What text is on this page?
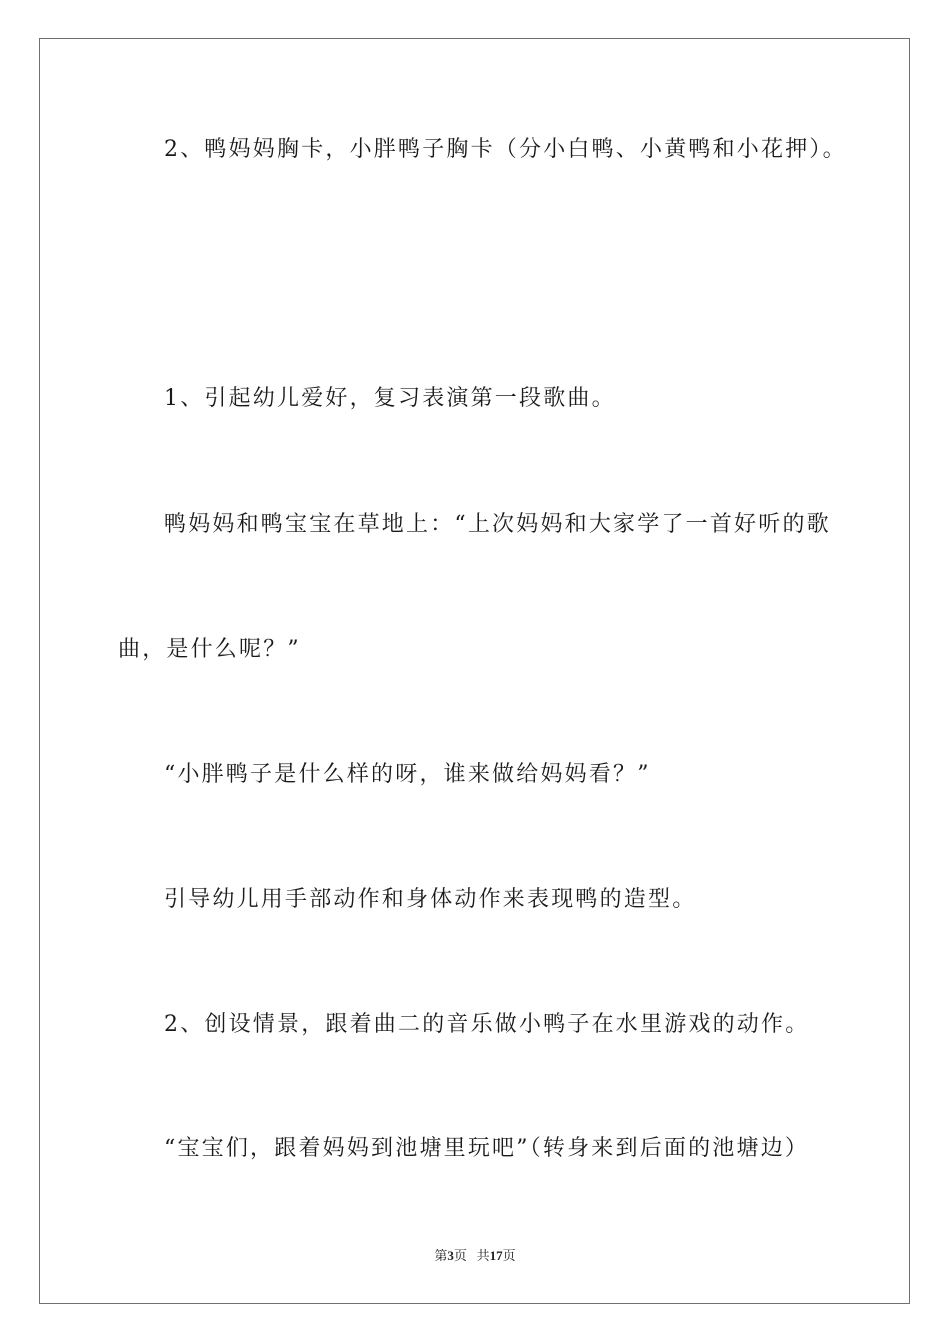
2、鸭妈妈胸卡，小胖鸭子胸卡（分小白鸭、小黄鸭和小花押）。
1、引起幼儿爱好，复习表演第一段歌曲。
鸭妈妈和鸭宝宝在草地上：“上次妈妈和大家学了一首好听的歌
曲，是什么呢？”
“小胖鸭子是什么样的呀，谁来做给妈妈看？”
引导幼儿用手部动作和身体动作来表现鸭的造型。
2、创设情景，跟着曲二的音乐做小鸭子在水里游戏的动作。
“宝宝们，跟着妈妈到池塘里玩吧”（转身来到后面的池塘边）
第3页 共17页
